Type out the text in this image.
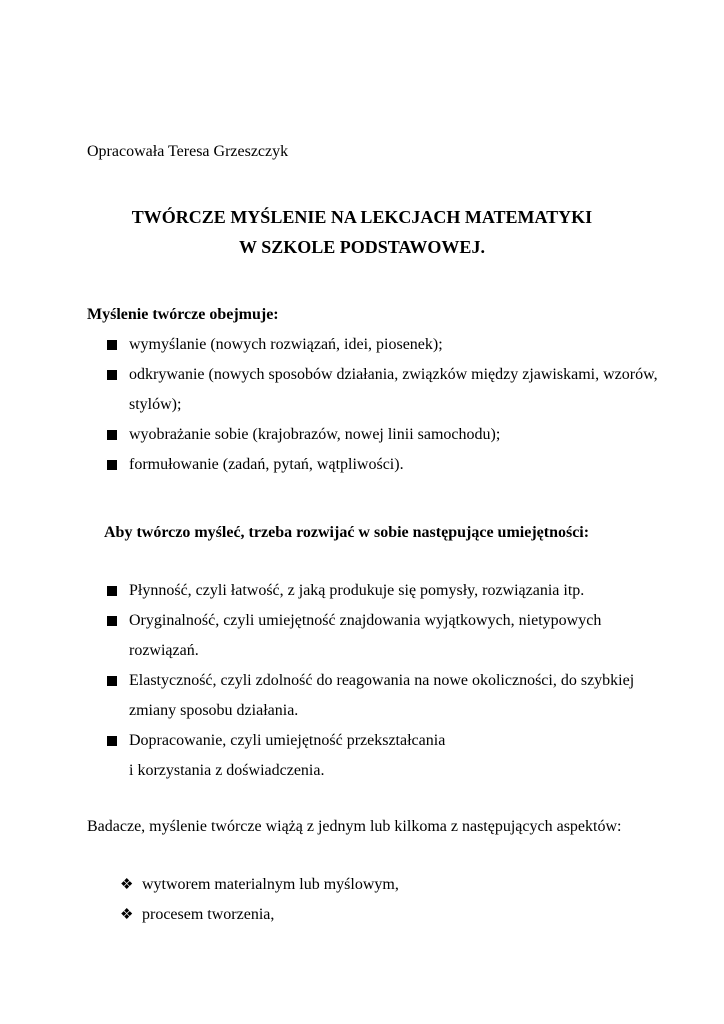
Opracowała Teresa Grzeszczyk

TWÓRCZE MYŚLENIE NA LEKCJACH MATEMATYKI
W SZKOLE PODSTAWOWEJ.

Myślenie twórcze obejmuje:

wymyślanie (nowych rozwiązań, idei, piosenek);
odkrywanie (nowych sposobów działania, związków między zjawiskami, wzorów, stylów);
wyobrażanie sobie (krajobrazów, nowej linii samochodu);
formułowanie (zadań, pytań, wątpliwości).

Aby twórczo myśleć, trzeba rozwijać w sobie następujące umiejętności:

Płynność, czyli łatwość, z jaką produkuje się pomysły, rozwiązania itp.
Oryginalność, czyli umiejętność znajdowania wyjątkowych, nietypowych rozwiązań.
Elastyczność, czyli zdolność do reagowania na nowe okoliczności, do szybkiej zmiany sposobu działania.
Dopracowanie, czyli umiejętność przekształcania
i korzystania z doświadczenia.

Badacze, myślenie twórcze wiążą z jednym lub kilkoma z następujących aspektów:

❖ wytworem materialnym lub myślowym,
❖ procesem tworzenia,
